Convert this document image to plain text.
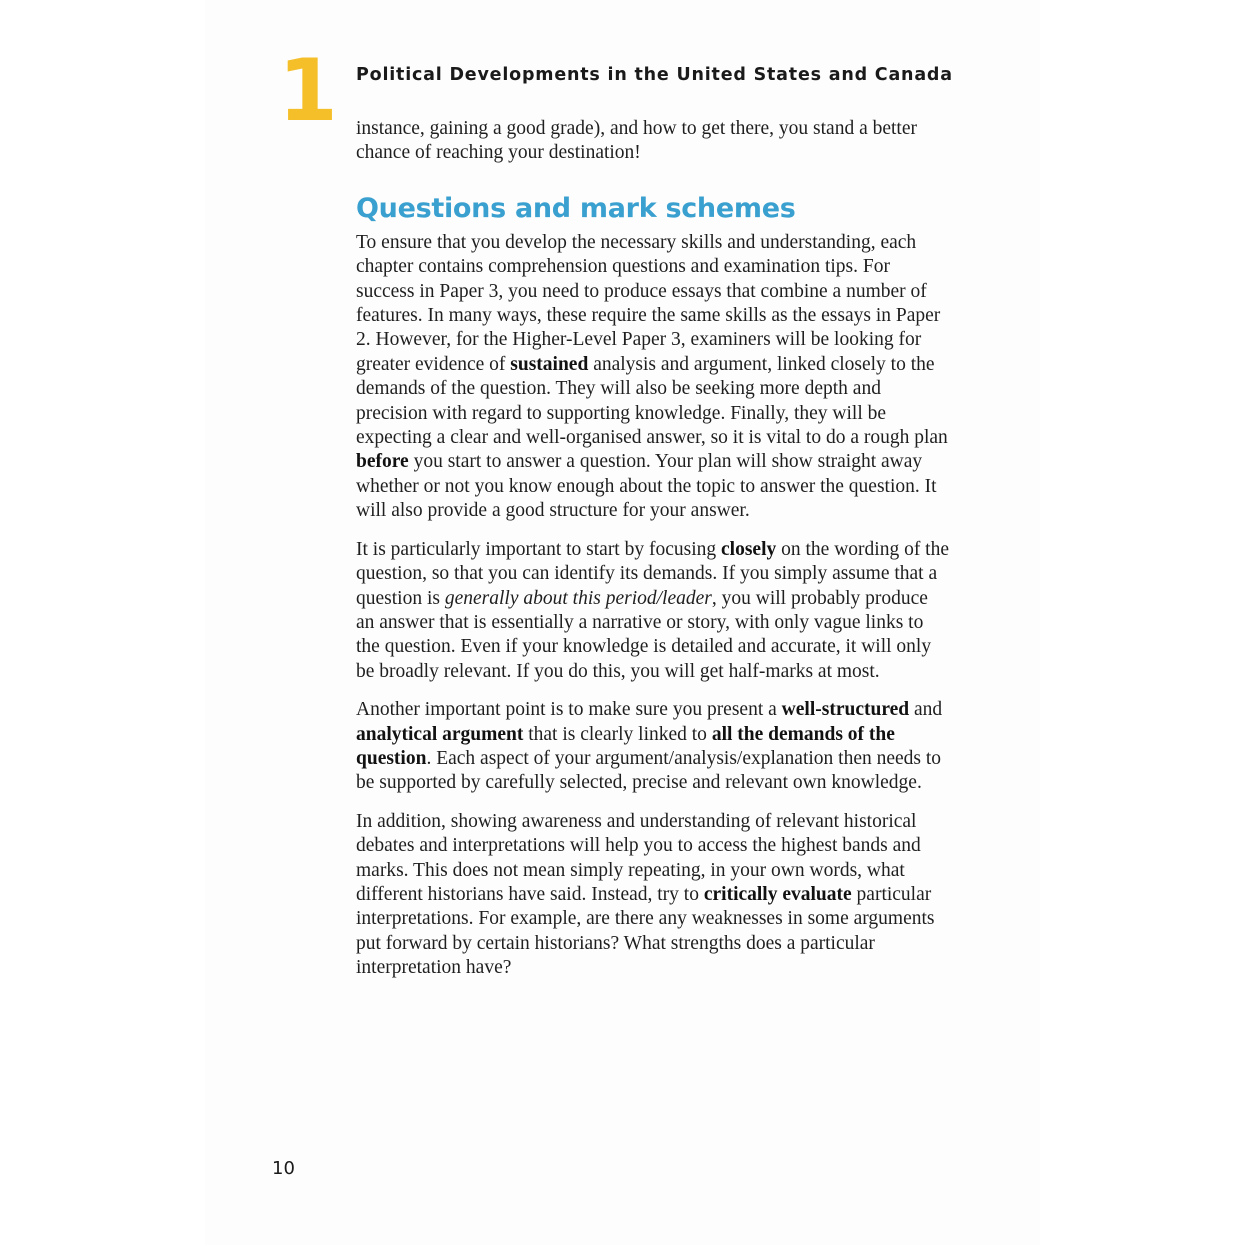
1 Political Developments in the United States and Canada

instance, gaining a good grade), and how to get there, you stand a better chance of reaching your destination!

Questions and mark schemes

To ensure that you develop the necessary skills and understanding, each chapter contains comprehension questions and examination tips. For success in Paper 3, you need to produce essays that combine a number of features. In many ways, these require the same skills as the essays in Paper 2. However, for the Higher-Level Paper 3, examiners will be looking for greater evidence of sustained analysis and argument, linked closely to the demands of the question. They will also be seeking more depth and precision with regard to supporting knowledge. Finally, they will be expecting a clear and well-organised answer, so it is vital to do a rough plan before you start to answer a question. Your plan will show straight away whether or not you know enough about the topic to answer the question. It will also provide a good structure for your answer.

It is particularly important to start by focusing closely on the wording of the question, so that you can identify its demands. If you simply assume that a question is generally about this period/leader, you will probably produce an answer that is essentially a narrative or story, with only vague links to the question. Even if your knowledge is detailed and accurate, it will only be broadly relevant. If you do this, you will get half-marks at most.

Another important point is to make sure you present a well-structured and analytical argument that is clearly linked to all the demands of the question. Each aspect of your argument/analysis/explanation then needs to be supported by carefully selected, precise and relevant own knowledge.

In addition, showing awareness and understanding of relevant historical debates and interpretations will help you to access the highest bands and marks. This does not mean simply repeating, in your own words, what different historians have said. Instead, try to critically evaluate particular interpretations. For example, are there any weaknesses in some arguments put forward by certain historians? What strengths does a particular interpretation have?

10
